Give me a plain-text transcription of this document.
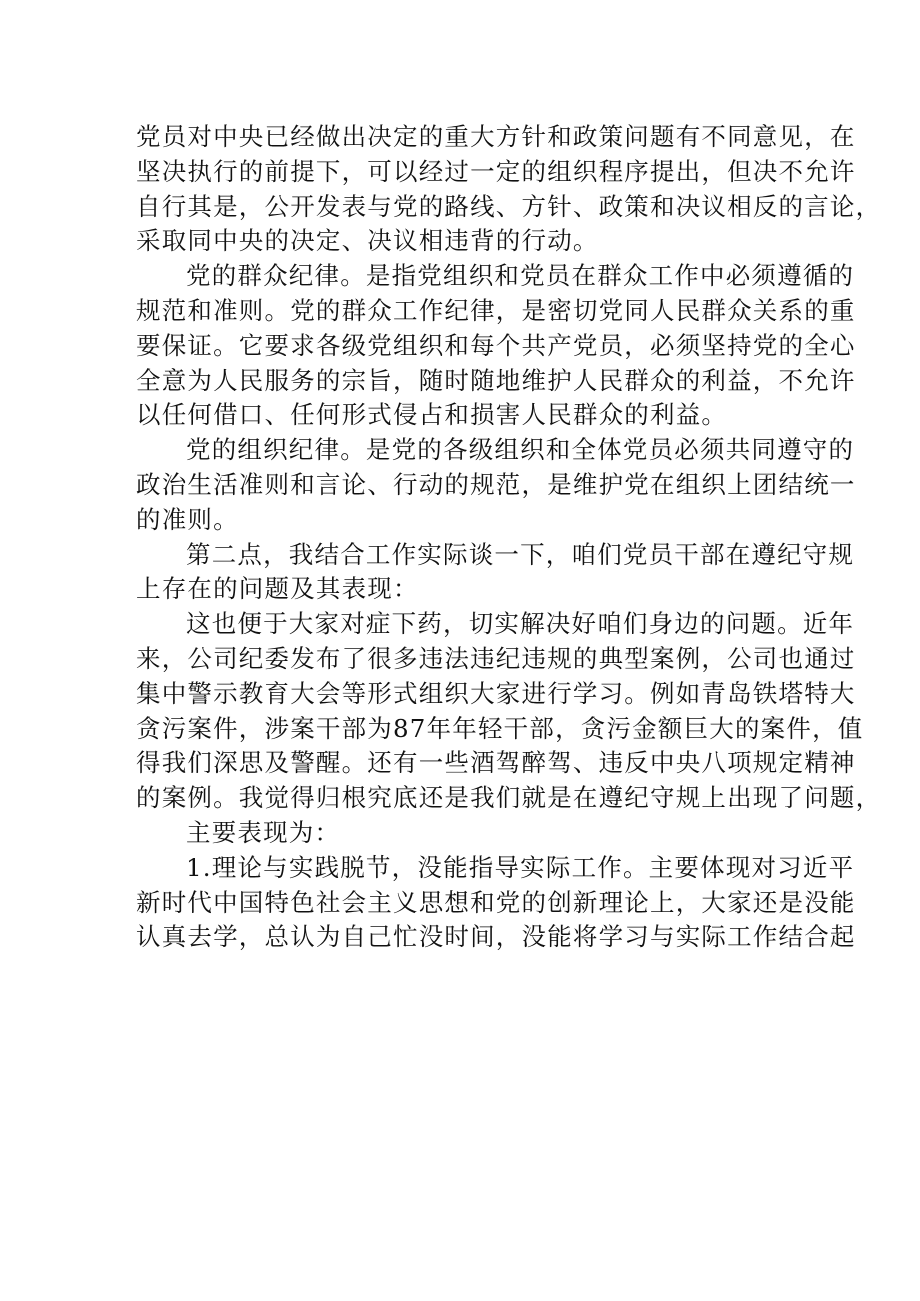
党员对中央已经做出决定的重大方针和政策问题有不同意见，在
坚决执行的前提下，可以经过一定的组织程序提出，但决不允许
自行其是，公开发表与党的路线、方针、政策和决议相反的言论，
采取同中央的决定、决议相违背的行动。
党的群众纪律。是指党组织和党员在群众工作中必须遵循的
规范和准则。党的群众工作纪律，是密切党同人民群众关系的重
要保证。它要求各级党组织和每个共产党员，必须坚持党的全心
全意为人民服务的宗旨，随时随地维护人民群众的利益，不允许
以任何借口、任何形式侵占和损害人民群众的利益。
党的组织纪律。是党的各级组织和全体党员必须共同遵守的
政治生活准则和言论、行动的规范，是维护党在组织上团结统一
的准则。
第二点，我结合工作实际谈一下，咱们党员干部在遵纪守规
上存在的问题及其表现：
这也便于大家对症下药，切实解决好咱们身边的问题。近年
来，公司纪委发布了很多违法违纪违规的典型案例，公司也通过
集中警示教育大会等形式组织大家进行学习。例如青岛铁塔特大
贪污案件，涉案干部为87年年轻干部，贪污金额巨大的案件，值
得我们深思及警醒。还有一些酒驾醉驾、违反中央八项规定精神
的案例。我觉得归根究底还是我们就是在遵纪守规上出现了问题，
主要表现为：
1.理论与实践脱节，没能指导实际工作。主要体现对习近平
新时代中国特色社会主义思想和党的创新理论上，大家还是没能
认真去学，总认为自己忙没时间，没能将学习与实际工作结合起
